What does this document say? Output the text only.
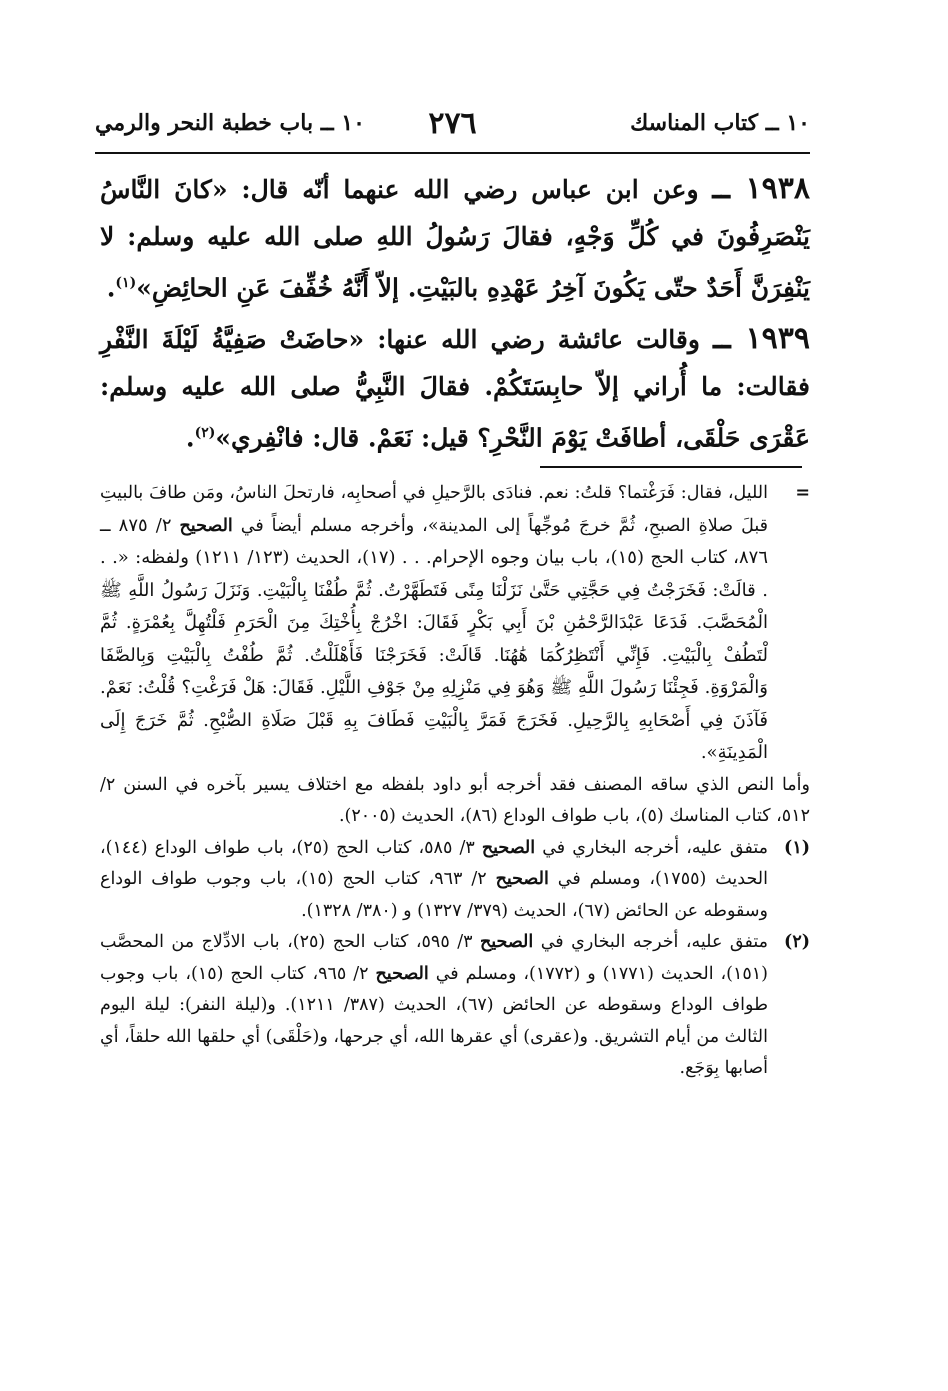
١٠ ــ كتاب المناسك
٢٧٦
١٠ ــ باب خطبة النحر والرمي

١٩٣٨ ــ وعن ابن عباس رضي الله عنهما أنّه قال: «كانَ النَّاسُ يَنْصَرِفُونَ في كُلِّ وَجْهٍ، فقالَ رَسُولُ اللهِ صلى الله عليه وسلم: لا يَنْفِرَنَّ أَحَدٌ حتّى يَكُونَ آخِرُ عَهْدِهِ بالبَيْتِ. إلاّ أَنَّهُ خُفِّفَ عَنِ الحائِضِ»$^{(١)}$.

١٩٣٩ ــ وقالت عائشة رضي الله عنها: «حاضَتْ صَفِيَّةُ لَيْلَةَ النَّفْرِ فقالت: ما أُراني إلاّ حابِسَتَكُمْ. فقالَ النَّبِيُّ صلى الله عليه وسلم: عَقْرَى حَلْقَى، أطافَتْ يَوْمَ النَّحْرِ؟ قيل: نَعَمْ. قال: فانْفِري»$^{(٢)}$.

=
الليل، فقال: فَرَغْتما؟ قلتُ: نعم. فنادَى بالرَّحيلِ في أصحابِه، فارتحلَ الناسُ، ومَن طافَ بالبيتِ قبلَ صلاةِ الصبحِ، ثُمَّ خرجَ مُوجِّهاً إلى المدينة»، وأخرجه مسلم أيضاً في الصحيح ٢/ ٨٧٥ ــ ٨٧٦، كتاب الحج (١٥)، باب بيان وجوه الإحرام. . . (١٧)، الحديث (١٢٣/ ١٢١١) ولفظه: «. . . قالَتْ: فَخَرَجْتُ فِي حَجَّتِي حَتَّىٰ نَزَلْنَا مِنًى فَتَطَهَّرْتُ. ثُمَّ طُفْنَا بِالْبَيْتِ. وَنَزَلَ رَسُولُ اللَّهِ ﷺ الْمُحَصَّبَ. فَدَعَا عَبْدَالرَّحْمَٰنِ بْنَ أَبِي بَكْرٍ فَقَالَ: اخْرُجْ بِأُخْتِكَ مِنَ الْحَرَمِ فَلْتُهِلَّ بِعُمْرَةٍ. ثُمَّ لْتَطُفْ بِالْبَيْتِ. فَإِنِّي أَنْتَظِرُكُمَا هَٰهُنَا. قَالَتْ: فَخَرَجْنَا فَأَهْلَلْتُ. ثُمَّ طُفْتُ بِالْبَيْتِ وَبِالصَّفَا وَالْمَرْوَةِ. فَجِئْنَا رَسُولَ اللَّهِ ﷺ وَهُوَ فِي مَنْزِلِهِ مِنْ جَوْفِ اللَّيْلِ. فَقَالَ: هَلْ فَرَغْتِ؟ قُلْتُ: نَعَمْ. فَآذَنَ فِي أَصْحَابِهِ بِالرَّحِيلِ. فَخَرَجَ فَمَرَّ بِالْبَيْتِ فَطَافَ بِهِ قَبْلَ صَلَاةِ الصُّبْحِ. ثُمَّ خَرَجَ إِلَى الْمَدِينَةِ».

وأما النص الذي ساقه المصنف فقد أخرجه أبو داود بلفظه مع اختلاف يسير بآخره في السنن ٢/ ٥١٢، كتاب المناسك (٥)، باب طواف الوداع (٨٦)، الحديث (٢٠٠٥).

(١)
متفق عليه، أخرجه البخاري في الصحيح ٣/ ٥٨٥، كتاب الحج (٢٥)، باب طواف الوداع (١٤٤)، الحديث (١٧٥٥)، ومسلم في الصحيح ٢/ ٩٦٣، كتاب الحج (١٥)، باب وجوب طواف الوداع وسقوطه عن الحائض (٦٧)، الحديث (٣٧٩/ ١٣٢٧) و (٣٨٠/ ١٣٢٨).

(٢)
متفق عليه، أخرجه البخاري في الصحيح ٣/ ٥٩٥، كتاب الحج (٢٥)، باب الادِّلاج من المحصَّب (١٥١)، الحديث (١٧٧١) و (١٧٧٢)، ومسلم في الصحيح ٢/ ٩٦٥، كتاب الحج (١٥)، باب وجوب طواف الوداع وسقوطه عن الحائض (٦٧)، الحديث (٣٨٧/ ١٢١١). و(ليلة النفر): ليلة اليوم الثالث من أيام التشريق. و(عقرى) أي عقرها الله، أي جرحها، و(حَلْقَى) أي حلقها الله حلقاً، أي أصابها بِوَجَع.
